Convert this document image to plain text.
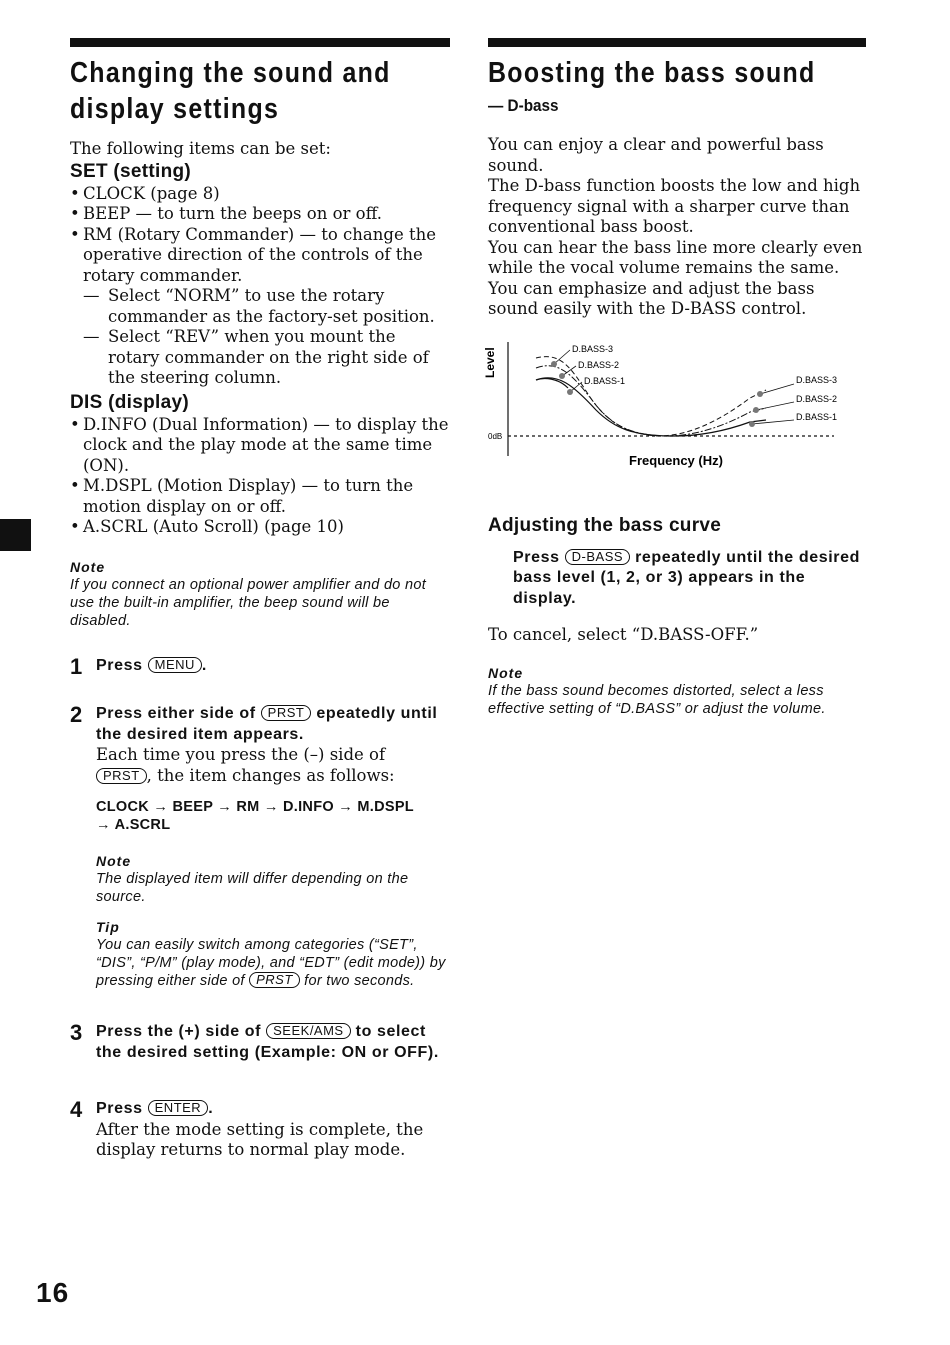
Changing the sound and
display settings
The following items can be set:
SET (setting)
• CLOCK (page 8)
• BEEP — to turn the beeps on or off.
• RM (Rotary Commander) — to change the operative direction of the controls of the rotary commander.
— Select “NORM” to use the rotary commander as the factory-set position.
— Select “REV” when you mount the rotary commander on the right side of the steering column.
DIS (display)
• D.INFO (Dual Information) — to display the clock and the play mode at the same time (ON).
• M.DSPL (Motion Display) — to turn the motion display on or off.
• A.SCRL (Auto Scroll) (page 10)
Note
If you connect an optional power amplifier and do not use the built-in amplifier, the beep sound will be disabled.
1 Press MENU .
2 Press either side of PRST epeatedly until the desired item appears.
Each time you press the (–) side of
PRST , the item changes as follows:
CLOCK → BEEP → RM → D.INFO → M.DSPL
→ A.SCRL
Note
The displayed item will differ depending on the source.
Tip
You can easily switch among categories (“SET”, “DIS”, “P/M” (play mode), and “EDT” (edit mode)) by pressing either side of PRST for two seconds.
3 Press the (+) side of SEEK/AMS to select the desired setting (Example: ON or OFF).
4 Press ENTER .
After the mode setting is complete, the display returns to normal play mode.
Boosting the bass sound
— D-bass
You can enjoy a clear and powerful bass sound.
The D-bass function boosts the low and high frequency signal with a sharper curve than conventional bass boost.
You can hear the bass line more clearly even while the vocal volume remains the same. You can emphasize and adjust the bass sound easily with the D-BASS control.
Level
0dB
Frequency (Hz)
D.BASS-3
D.BASS-2
D.BASS-1	D.BASS-3
D.BASS-2
D.BASS-1
Adjusting the bass curve
Press D-BASS repeatedly until the desired bass level (1, 2, or 3) appears in the display.
To cancel, select “D.BASS-OFF.”
Note
If the bass sound becomes distorted, select a less effective setting of “D.BASS” or adjust the volume.
16
